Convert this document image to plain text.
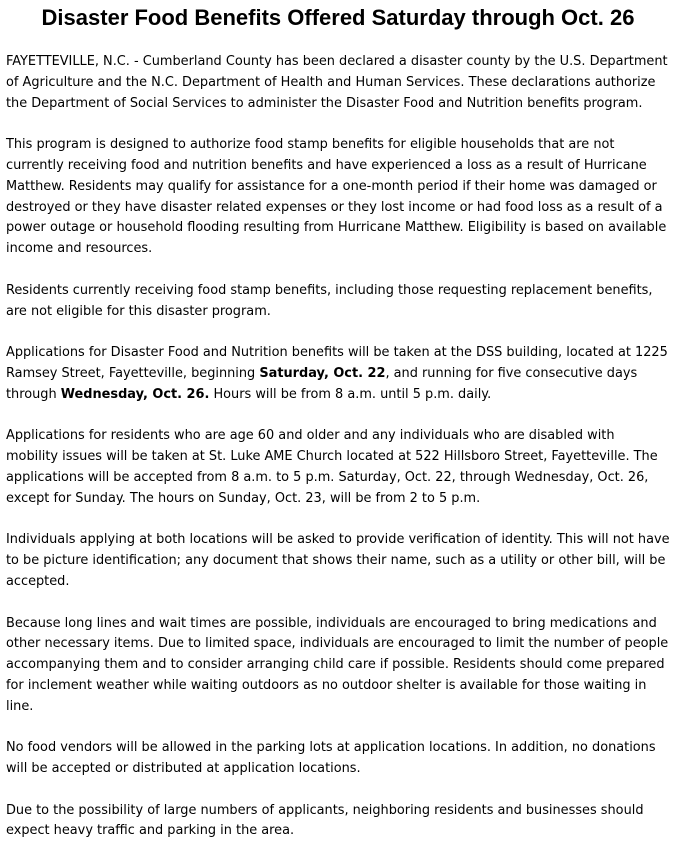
Disaster Food Benefits Offered Saturday through Oct. 26

FAYETTEVILLE, N.C. - Cumberland County has been declared a disaster county by the U.S. Department of Agriculture and the N.C. Department of Health and Human Services. These declarations authorize the Department of Social Services to administer the Disaster Food and Nutrition benefits program.

This program is designed to authorize food stamp benefits for eligible households that are not currently receiving food and nutrition benefits and have experienced a loss as a result of Hurricane Matthew. Residents may qualify for assistance for a one-month period if their home was damaged or destroyed or they have disaster related expenses or they lost income or had food loss as a result of a power outage or household flooding resulting from Hurricane Matthew. Eligibility is based on available income and resources.

Residents currently receiving food stamp benefits, including those requesting replacement benefits, are not eligible for this disaster program.

Applications for Disaster Food and Nutrition benefits will be taken at the DSS building, located at 1225 Ramsey Street, Fayetteville, beginning Saturday, Oct. 22, and running for five consecutive days through Wednesday, Oct. 26. Hours will be from 8 a.m. until 5 p.m. daily.

Applications for residents who are age 60 and older and any individuals who are disabled with mobility issues will be taken at St. Luke AME Church located at 522 Hillsboro Street, Fayetteville. The applications will be accepted from 8 a.m. to 5 p.m. Saturday, Oct. 22, through Wednesday, Oct. 26, except for Sunday. The hours on Sunday, Oct. 23, will be from 2 to 5 p.m.

Individuals applying at both locations will be asked to provide verification of identity. This will not have to be picture identification; any document that shows their name, such as a utility or other bill, will be accepted.

Because long lines and wait times are possible, individuals are encouraged to bring medications and other necessary items. Due to limited space, individuals are encouraged to limit the number of people accompanying them and to consider arranging child care if possible. Residents should come prepared for inclement weather while waiting outdoors as no outdoor shelter is available for those waiting in line.

No food vendors will be allowed in the parking lots at application locations. In addition, no donations will be accepted or distributed at application locations.

Due to the possibility of large numbers of applicants, neighboring residents and businesses should expect heavy traffic and parking in the area.
